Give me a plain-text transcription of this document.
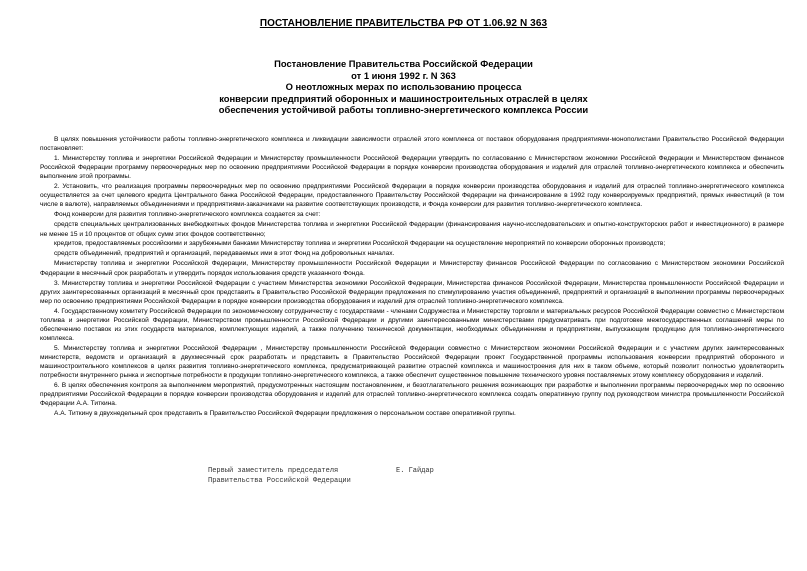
ПОСТАНОВЛЕНИЕ ПРАВИТЕЛЬСТВА РФ ОТ 1.06.92 N 363
Постановление Правительства Российской Федерации
от 1 июня 1992 г. N 363
О неотложных мерах по использованию процесса
конверсии предприятий оборонных и машиностроительных отраслей в целях
обеспечения устойчивой работы топливно-энергетического комплекса России

В целях повышения устойчивости работы топливно-энергетического комплекса и ликвидации зависимости отраслей этого комплекса от поставок оборудования предприятиями-монополистами Правительство Российской Федерации постановляет:

1. Министерству топлива и энергетики Российской Федерации и Министерству промышленности Российской Федерации утвердить по согласованию с Министерством экономики Российской Федерации и Министерством финансов Российской Федерации программу первоочередных мер по освоению предприятиями Российской Федерации в порядке конверсии производства оборудования и изделий для отраслей топливно-энергетического комплекса и обеспечить выполнение этой программы.

2. Установить, что реализация программы первоочередных мер по освоению предприятиями Российской Федерации в порядке конверсии производства оборудования и изделий для отраслей топливно-энергетического комплекса осуществляется за счет целевого кредита Центрального банка Российской Федерации, предоставленного Правительству Российской Федерации на финансирование в 1992 году конверсируемых предприятий, прямых инвестиций (в том числе в валюте), направляемых объединениями и предприятиями-заказчиками на развитие соответствующих производств, и Фонда конверсии для развития топливно-энергетического комплекса.

Фонд конверсии для развития топливно-энергетического комплекса создается за счет:

средств специальных централизованных внебюджетных фондов Министерства топлива и энергетики Российской Федерации (финансирования научно-исследовательских и опытно-конструкторских работ и инвестиционного) в размере не менее 15 и 10 процентов от общих сумм этих фондов соответственно;

кредитов, предоставляемых российскими и зарубежными банками Министерству топлива и энергетики Российской Федерации на осуществление мероприятий по конверсии оборонных производств;

средств объединений, предприятий и организаций, передаваемых ими в этот Фонд на добровольных началах.

Министерству топлива и энергетики Российской Федерации, Министерству промышленности Российской Федерации и Министерству финансов Российской Федерации по согласованию с Министерством экономики Российской Федерации в месячный срок разработать и утвердить порядок использования средств указанного Фонда.

3. Министерству топлива и энергетики Российской Федерации с участием Министерства экономики Российской Федерации, Министерства финансов Российской Федерации, Министерства промышленности Российской Федерации и других заинтересованных организаций в месячный срок представить в Правительство Российской Федерации предложения по стимулированию участия объединений, предприятий и организаций в выполнении программы первоочередных мер по освоению предприятиями Российской Федерации в порядке конверсии производства оборудования и изделий для отраслей топливно-энергетического комплекса.

4. Государственному комитету Российской Федерации по экономическому сотрудничеству с государствами - членами Содружества и Министерству торговли и материальных ресурсов Российской Федерации совместно с Министерством топлива и энергетики Российской Федерации, Министерством промышленности Российской Федерации и другими заинтересованными министерствами предусматривать при подготовке межгосударственных соглашений меры по обеспечению поставок из этих государств материалов, комплектующих изделий, а также получению технической документации, необходимых объединениям и предприятиям, выпускающим продукцию для топливно-энергетического комплекса.

5. Министерству топлива и энергетики Российской Федерации , Министерству промышленности Российской Федерации совместно с Министерством экономики Российской Федерации и с участием других заинтересованных министерств, ведомств и организаций в двухмесячный срок разработать и представить в Правительство Российской Федерации проект Государственной программы использования конверсии предприятий оборонного и машиностроительного комплексов в целях развития топливно-энергетического комплекса, предусматривающей развитие отраслей комплекса и машиностроения для них в таком объеме, который позволит полностью удовлетворить потребности внутреннего рынка и экспортные потребности в продукции топливно-энергетического комплекса, а также обеспечит существенное повышение технического уровня поставляемых этому комплексу оборудования и изделий.

6. В целях обеспечения контроля за выполнением мероприятий, предусмотренных настоящим постановлением, и безотлагательного решения возникающих при разработке и выполнении программы первоочередных мер по освоению предприятиями Российской Федерации в порядке конверсии производства оборудования и изделий для отраслей топливно-энергетического комплекса создать оперативную группу под руководством министра промышленности Российской Федерации А.А. Титкина.

А.А. Титкину в двухнедельный срок представить в Правительство Российской Федерации предложения о персональном составе оперативной группы.

Первый заместитель председателя
Правительства Российской Федерации
Е. Гайдар
